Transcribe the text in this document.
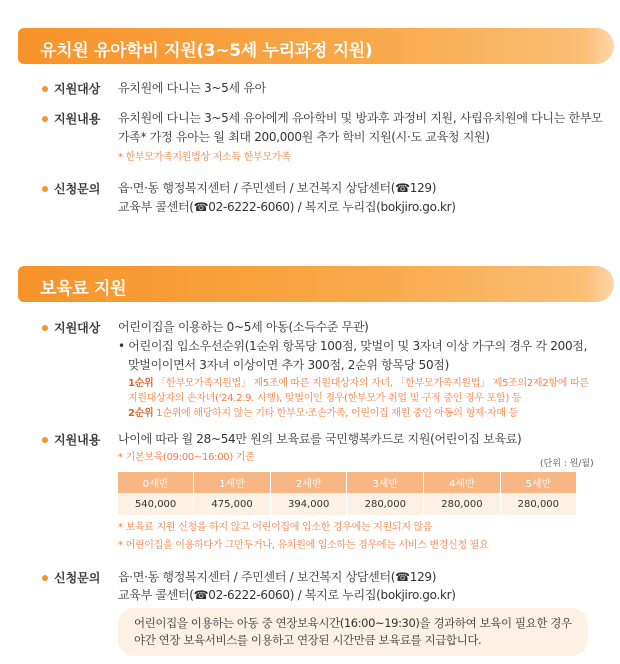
유치원 유아학비 지원(3~5세 누리과정 지원)
지원대상 유치원에 다니는 3~5세 유아
지원내용 유치원에 다니는 3~5세 유아에게 유아학비 및 방과후 과정비 지원, 사립유치원에 다니는 한부모
가족* 가정 유아는 월 최대 200,000원 추가 학비 지원(시·도 교육청 지원)
* 한부모가족지원법상 저소득 한부모가족
신청문의 읍·면·동 행정복지센터 / 주민센터 / 보건복지 상담센터(☎129)
교육부 콜센터(☎02-6222-6060) / 복지로 누리집(bokjiro.go.kr)
보육료 지원
지원대상 어린이집을 이용하는 0~5세 아동(소득수준 무관)
• 어린이집 입소우선순위(1순위 항목당 100점, 맞벌이 및 3자녀 이상 가구의 경우 각 200점,
맞벌이이면서 3자녀 이상이면 추가 300점, 2순위 항목당 50점)
1순위 「한부모가족지원법」 제5조에 따른 지원대상자의 자녀, 「한부모가족지원법」 제5조의2제2항에 따른
지원대상자의 손자녀('24.2.9. 시행), 맞벌이인 경우(한부모가 취업 및 구직 중인 경우 포함) 등
2순위 1순위에 해당하지 않는 기타 한부모·조손가족, 어린이집 재원 중인 아동의 형제·자매 등
지원내용 나이에 따라 월 28~54만 원의 보육료를 국민행복카드로 지원(어린이집 보육료)
* 기본보육(09:00~16:00) 기준
(단위 : 원/월)
0세반	1세반	2세반	3세반	4세반	5세반
540,000	475,000	394,000	280,000	280,000	280,000
* 보육료 지원 신청을 하지 않고 어린이집에 입소한 경우에는 지원되지 않음
* 어린이집을 이용하다가 그만두거나, 유치원에 입소하는 경우에는 서비스 변경신청 필요
신청문의 읍·면·동 행정복지센터 / 주민센터 / 보건복지 상담센터(☎129)
교육부 콜센터(☎02-6222-6060) / 복지로 누리집(bokjiro.go.kr)
어린이집을 이용하는 아동 중 연장보육시간(16:00~19:30)을 경과하여 보육이 필요한 경우
야간 연장 보육서비스를 이용하고 연장된 시간만큼 보육료를 지급합니다.
